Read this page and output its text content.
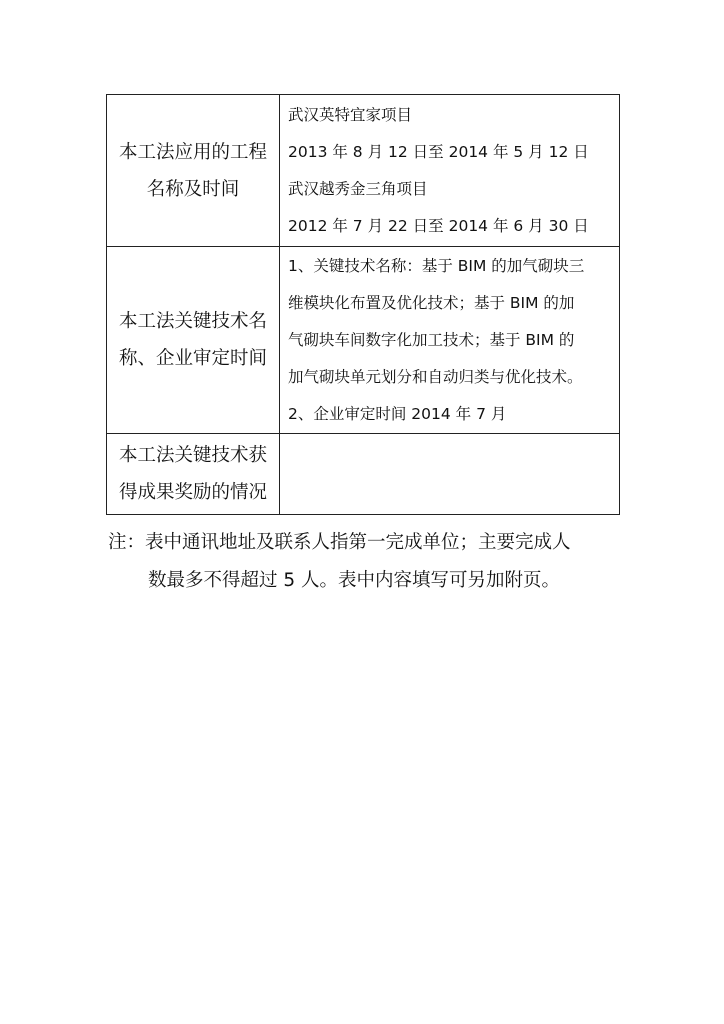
本工法应用的工程
名称及时间	武汉英特宜家项目
2013 年 8 月 12 日至 2014 年 5 月 12 日
武汉越秀金三角项目
2012 年 7 月 22 日至 2014 年 6 月 30 日

本工法关键技术名
称、企业审定时间	1、关键技术名称：基于 BIM 的加气砌块三
维模块化布置及优化技术；基于 BIM 的加
气砌块车间数字化加工技术；基于 BIM 的
加气砌块单元划分和自动归类与优化技术。
2、企业审定时间 2014 年 7 月

本工法关键技术获
得成果奖励的情况	

注：表中通讯地址及联系人指第一完成单位；主要完成人
数最多不得超过 5 人。表中内容填写可另加附页。
